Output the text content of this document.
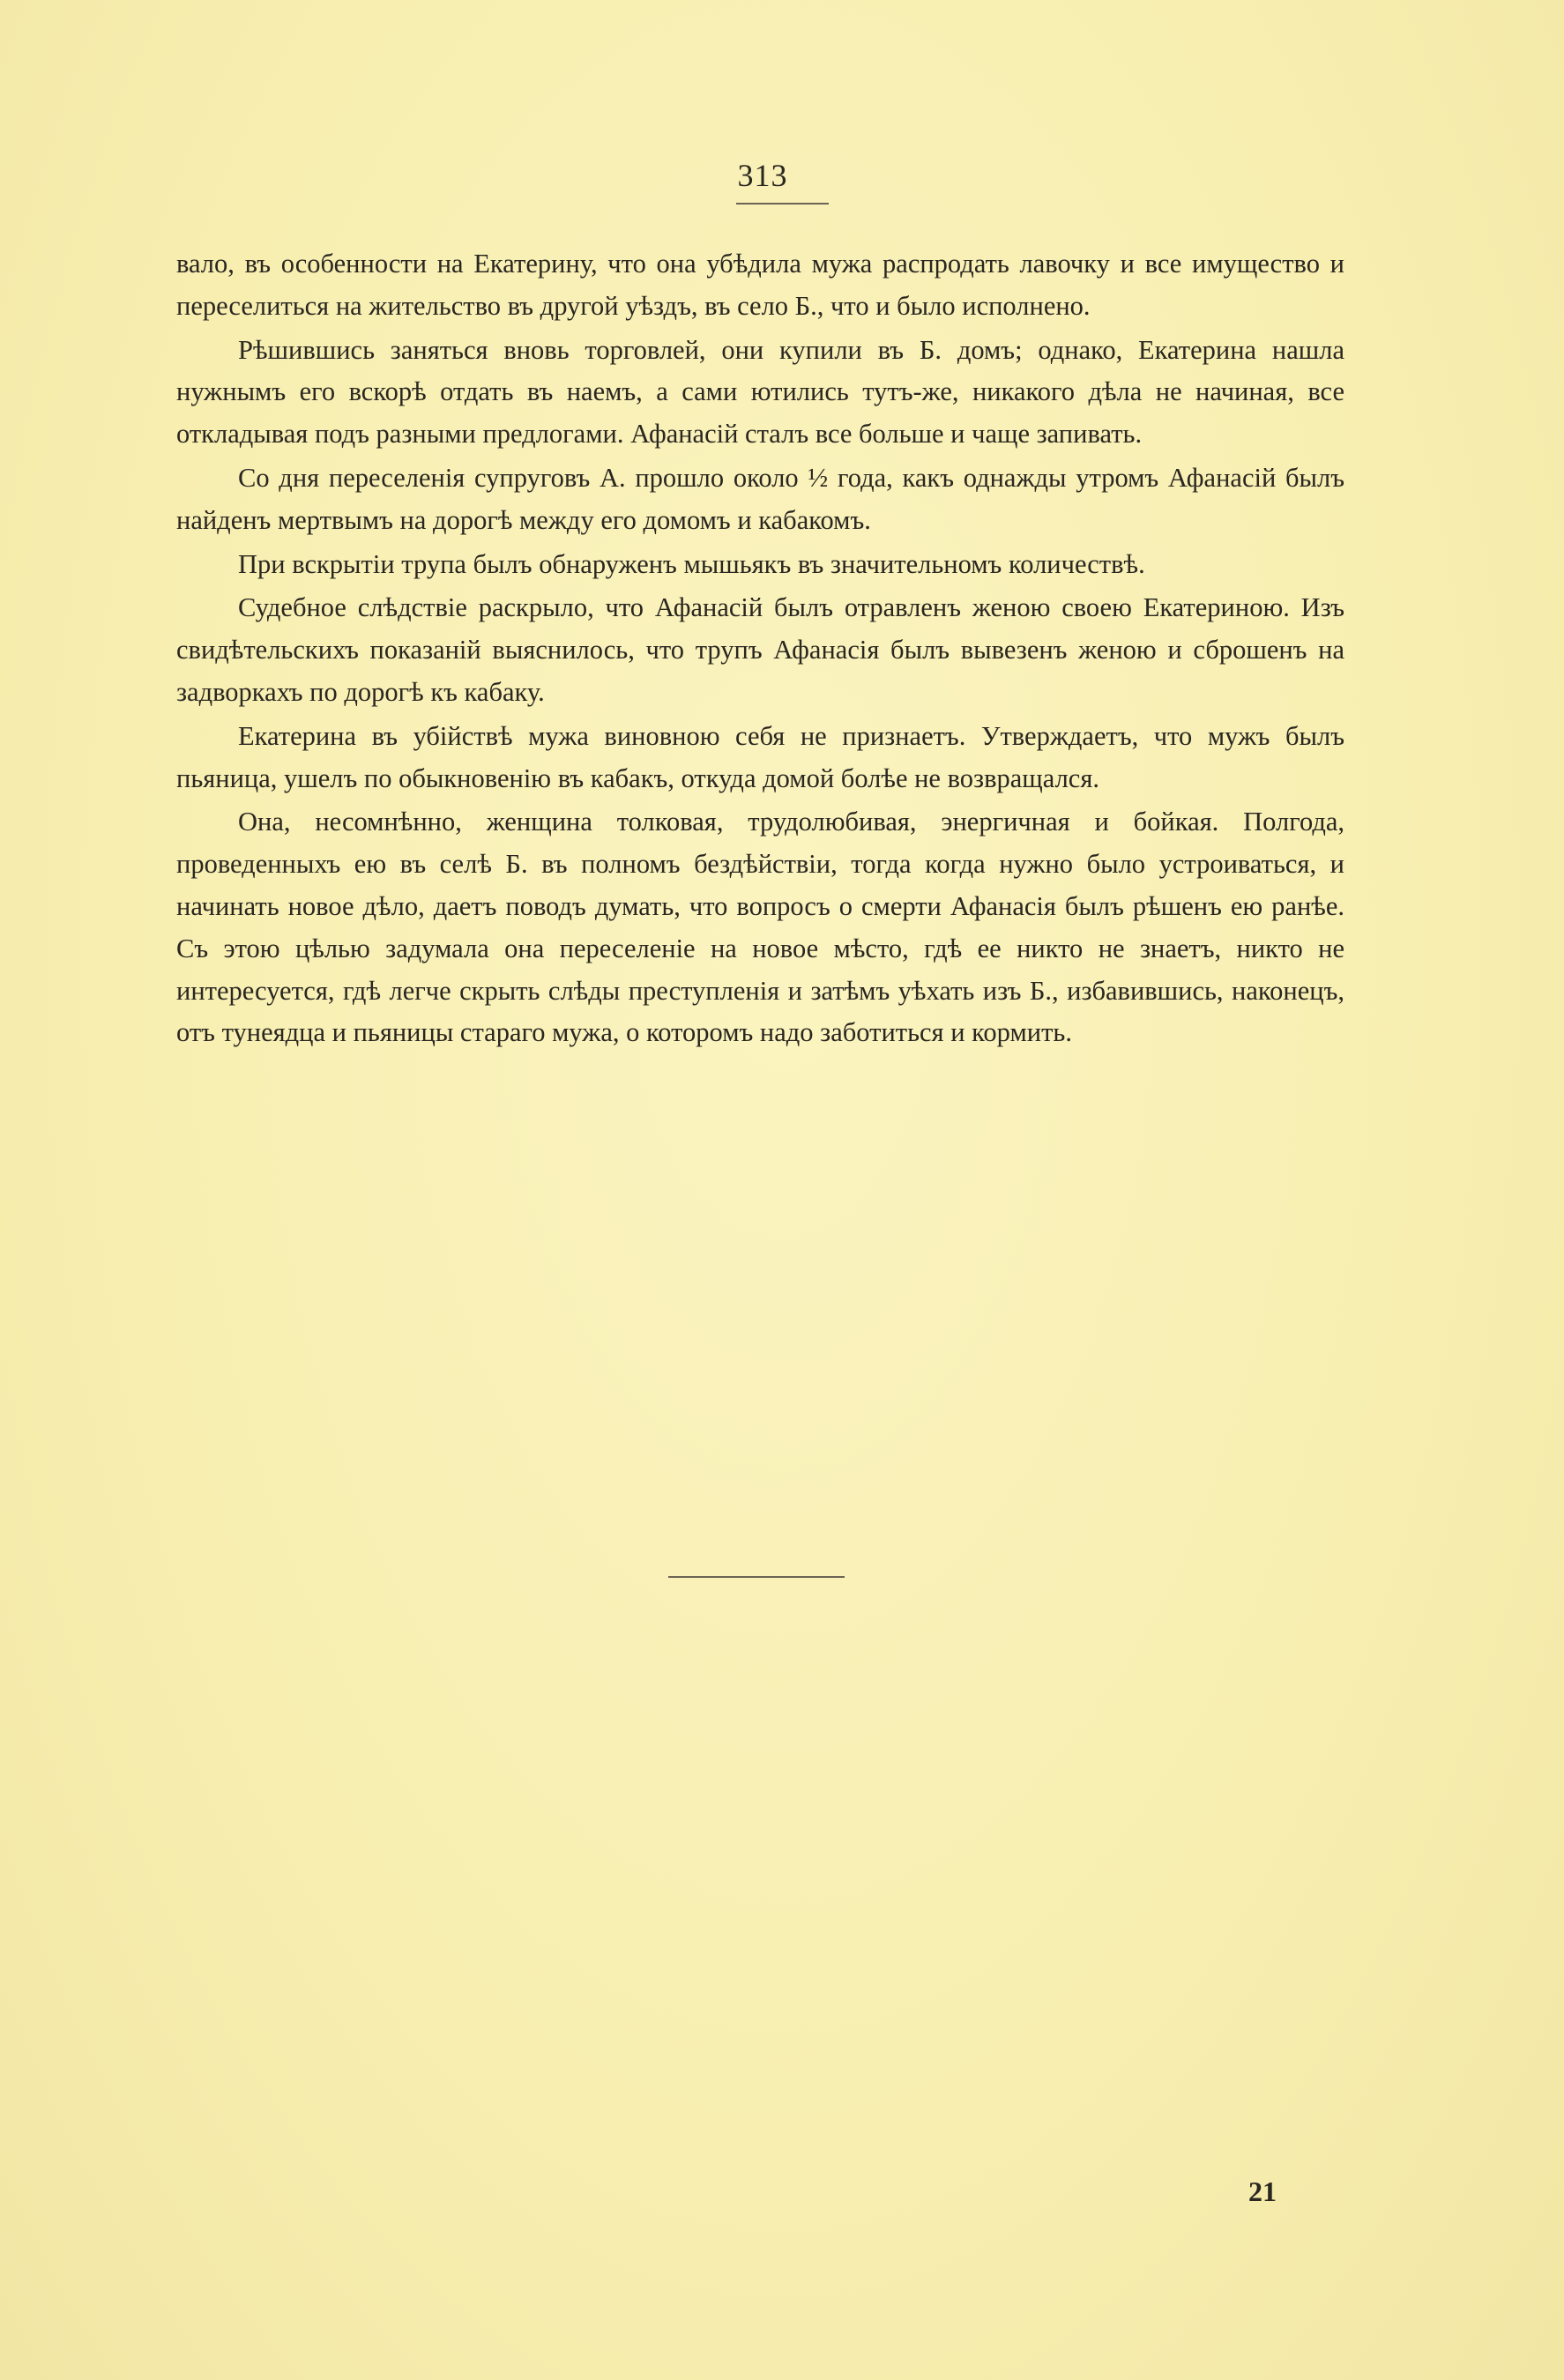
313

вало, въ особенности на Екатерину, что она убѣдила мужа распродать лавочку и все имущество и переселиться на жительство въ другой уѣздъ, въ село Б., что и было исполнено.

Рѣшившись заняться вновь торговлей, они купили въ Б. домъ; однако, Екатерина нашла нужнымъ его вскорѣ отдать въ наемъ, а сами ютились тутъ-же, никакого дѣла не начиная, все откладывая подъ разными предлогами. Афанасій сталъ все больше и чаще запивать.

Со дня переселенія супруговъ А. прошло около ½ года, какъ однажды утромъ Афанасій былъ найденъ мертвымъ на дорогѣ между его домомъ и кабакомъ.

При вскрытіи трупа былъ обнаруженъ мышьякъ въ значительномъ количествѣ.

Судебное слѣдствіе раскрыло, что Афанасій былъ отравленъ женою своею Екатериною. Изъ свидѣтельскихъ показаній выяснилось, что трупъ Афанасія былъ вывезенъ женою и сброшенъ на задворкахъ по дорогѣ къ кабаку.

Екатерина въ убійствѣ мужа виновною себя не признаетъ. Утверждаетъ, что мужъ былъ пьяница, ушелъ по обыкновенію въ кабакъ, откуда домой болѣе не возвращался.

Она, несомнѣнно, женщина толковая, трудолюбивая, энергичная и бойкая. Полгода, проведенныхъ ею въ селѣ Б. въ полномъ бездѣйствіи, тогда когда нужно было устроиваться, и начинать новое дѣло, даетъ поводъ думать, что вопросъ о смерти Афанасія былъ рѣшенъ ею ранѣе. Съ этою цѣлью задумала она переселеніе на новое мѣсто, гдѣ ее никто не знаетъ, никто не интересуется, гдѣ легче скрыть слѣды преступленія и затѣмъ уѣхать изъ Б., избавившись, наконецъ, отъ тунеядца и пьяницы стараго мужа, о которомъ надо заботиться и кормить.

21
